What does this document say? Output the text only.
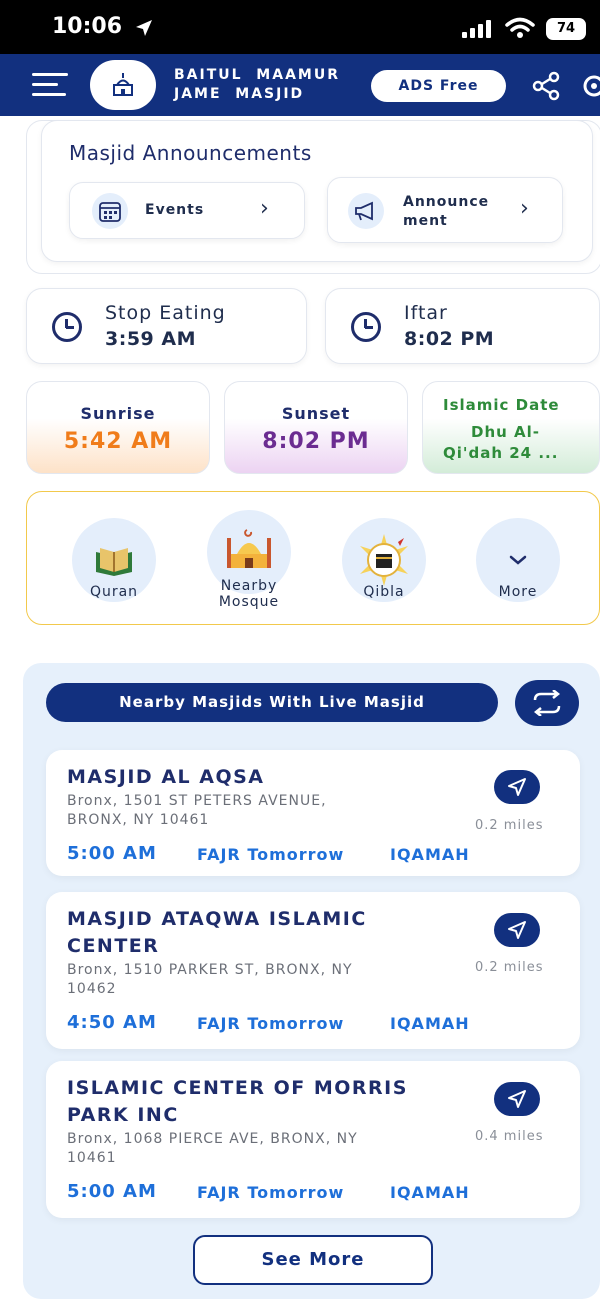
10:06	74
BAITUL  MAAMUR
JAME  MASJID	ADS Free
Masjid Announcements
Events	›	Announce
ment	›
Stop Eating
3:59 AM
Iftar
8:02 PM
Sunrise
5:42 AM
Sunset
8:02 PM
Islamic Date
Dhu Al-
Qi'dah 24 ...
Quran	Nearby
Mosque
Qibla	More
Nearby Masjids With Live Masjid
MASJID AL AQSA
Bronx, 1501 ST PETERS AVENUE,
BRONX, NY 10461	0.2 miles
5:00 AM	FAJR Tomorrow	IQAMAH
MASJID ATAQWA ISLAMIC
CENTER
Bronx, 1510 PARKER ST, BRONX, NY
10462
0.2 miles
4:50 AM	FAJR Tomorrow	IQAMAH
ISLAMIC CENTER OF MORRIS
PARK INC
Bronx, 1068 PIERCE AVE, BRONX, NY
10461
0.4 miles
5:00 AM	FAJR Tomorrow	IQAMAH
See More
